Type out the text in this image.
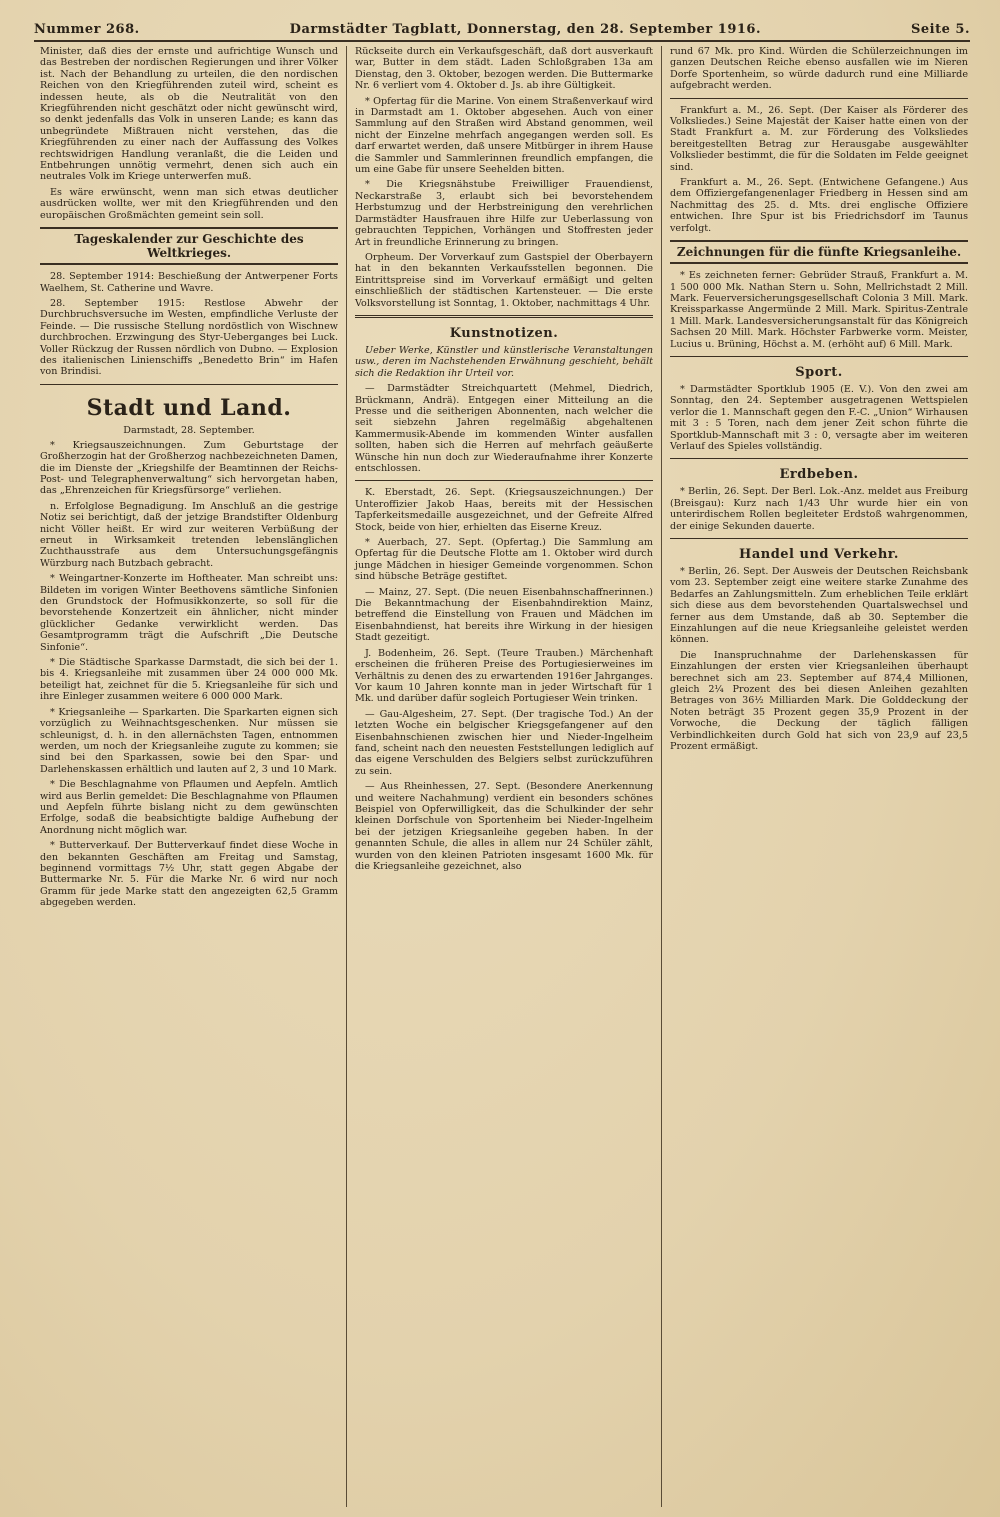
Nummer 268.	Darmstädter Tagblatt, Donnerstag, den 28. September 1916.	Seite 5.

Minister, daß dies der ernste und aufrichtige Wunsch und das Bestreben der nordischen Regierungen und ihrer Völker ist. Nach der Behandlung zu urteilen, die den nordischen Reichen von den Kriegführenden zuteil wird, scheint es indessen heute, als ob die Neutralität von den Kriegführenden nicht geschätzt oder nicht gewünscht wird, so denkt jedenfalls das Volk in unseren Lande; es kann das unbegründete Mißtrauen nicht verstehen, das die Kriegführenden zu einer nach der Auffassung des Volkes rechtswidrigen Handlung veranlaßt, die die Leiden und Entbehrungen unnötig vermehrt, denen sich auch ein neutrales Volk im Kriege unterwerfen muß.

Es wäre erwünscht, wenn man sich etwas deutlicher ausdrücken wollte, wer mit den Kriegführenden und den europäischen Großmächten gemeint sein soll.

Tageskalender zur Geschichte des Weltkrieges.

28. September 1914: Beschießung der Antwerpener Forts Waelhem, St. Catherine und Wavre.

28. September 1915: Restlose Abwehr der Durchbruchsversuche im Westen, empfindliche Verluste der Feinde. — Die russische Stellung nordöstlich von Wischnew durchbrochen. Erzwingung des Styr-Ueberganges bei Luck. Voller Rückzug der Russen nördlich von Dubno. — Explosion des italienischen Linienschiffs „Benedetto Brin“ im Hafen von Brindisi.

Stadt und Land.
Darmstadt, 28. September.

* Kriegsauszeichnungen. Zum Geburtstage der Großherzogin hat der Großherzog nachbezeichneten Damen, die im Dienste der „Kriegshilfe der Beamtinnen der Reichs-Post- und Telegraphenverwaltung“ sich hervorgetan haben, das „Ehrenzeichen für Kriegsfürsorge“ verliehen.

n. Erfolglose Begnadigung. Im Anschluß an die gestrige Notiz sei berichtigt, daß der jetzige Brandstifter Oldenburg nicht Völler heißt. Er wird zur weiteren Verbüßung der erneut in Wirksamkeit tretenden lebenslänglichen Zuchthausstrafe aus dem Untersuchungsgefängnis Würzburg nach Butzbach gebracht.

* Weingartner-Konzerte im Hoftheater. Man schreibt uns: Bildeten im vorigen Winter Beethovens sämtliche Sinfonien den Grundstock der Hofmusikkonzerte, so soll für die bevorstehende Konzertzeit ein ähnlicher, nicht minder glücklicher Gedanke verwirklicht werden. Das Gesamtprogramm trägt die Aufschrift „Die Deutsche Sinfonie“.

* Die Städtische Sparkasse Darmstadt, die sich bei der 1. bis 4. Kriegsanleihe mit zusammen über 24 000 000 Mk. beteiligt hat, zeichnet für die 5. Kriegsanleihe für sich und ihre Einleger zusammen weitere 6 000 000 Mark.

* Kriegsanleihe — Sparkarten. Die Sparkarten eignen sich vorzüglich zu Weihnachtsgeschenken. Nur müssen sie schleunigst, d. h. in den allernächsten Tagen, entnommen werden, um noch der Kriegsanleihe zugute zu kommen; sie sind bei den Sparkassen, sowie bei den Spar- und Darlehenskassen erhältlich und lauten auf 2, 3 und 10 Mark.

* Die Beschlagnahme von Pflaumen und Aepfeln. Amtlich wird aus Berlin gemeldet: Die Beschlagnahme von Pflaumen und Aepfeln führte bislang nicht zu dem gewünschten Erfolge, sodaß die beabsichtigte baldige Aufhebung der Anordnung nicht möglich war.

* Butterverkauf. Der Butterverkauf findet diese Woche in den bekannten Geschäften am Freitag und Samstag, beginnend vormittags 7½ Uhr, statt gegen Abgabe der Buttermarke Nr. 5. Für die Marke Nr. 6 wird nur noch Gramm für jede Marke statt den angezeigten 62,5 Gramm abgegeben werden.

Rückseite durch ein Verkaufsgeschäft, daß dort ausverkauft war, Butter in dem städt. Laden Schloßgraben 13a am Dienstag, den 3. Oktober, bezogen werden. Die Buttermarke Nr. 6 verliert vom 4. Oktober d. Js. ab ihre Gültigkeit.

* Opfertag für die Marine. Von einem Straßenverkauf wird in Darmstadt am 1. Oktober abgesehen. Auch von einer Sammlung auf den Straßen wird Abstand genommen, weil nicht der Einzelne mehrfach angegangen werden soll. Es darf erwartet werden, daß unsere Mitbürger in ihrem Hause die Sammler und Sammlerinnen freundlich empfangen, die um eine Gabe für unsere Seehelden bitten.

* Die Kriegsnähstube Freiwilliger Frauendienst, Neckarstraße 3, erlaubt sich bei bevorstehendem Herbstumzug und der Herbstreinigung den verehrlichen Darmstädter Hausfrauen ihre Hilfe zur Ueberlassung von gebrauchten Teppichen, Vorhängen und Stoffresten jeder Art in freundliche Erinnerung zu bringen.

Orpheum. Der Vorverkauf zum Gastspiel der Oberbayern hat in den bekannten Verkaufsstellen begonnen. Die Eintrittspreise sind im Vorverkauf ermäßigt und gelten einschließlich der städtischen Kartensteuer. — Die erste Volksvorstellung ist Sonntag, 1. Oktober, nachmittags 4 Uhr.

Kunstnotizen.

Ueber Werke, Künstler und künstlerische Veranstaltungen usw., deren im Nachstehenden Erwähnung geschieht, behält sich die Redaktion ihr Urteil vor.

— Darmstädter Streichquartett (Mehmel, Diedrich, Brückmann, Andrä). Entgegen einer Mitteilung an die Presse und die seitherigen Abonnenten, nach welcher die seit siebzehn Jahren regelmäßig abgehaltenen Kammermusik-Abende im kommenden Winter ausfallen sollten, haben sich die Herren auf mehrfach geäußerte Wünsche hin nun doch zur Wiederaufnahme ihrer Konzerte entschlossen.

K. Eberstadt, 26. Sept. (Kriegsauszeichnungen.) Der Unteroffizier Jakob Haas, bereits mit der Hessischen Tapferkeitsmedaille ausgezeichnet, und der Gefreite Alfred Stock, beide von hier, erhielten das Eiserne Kreuz.

* Auerbach, 27. Sept. (Opfertag.) Die Sammlung am Opfertag für die Deutsche Flotte am 1. Oktober wird durch junge Mädchen in hiesiger Gemeinde vorgenommen. Schon sind hübsche Beträge gestiftet.

— Mainz, 27. Sept. (Die neuen Eisenbahnschaffnerinnen.) Die Bekanntmachung der Eisenbahndirektion Mainz, betreffend die Einstellung von Frauen und Mädchen im Eisenbahndienst, hat bereits ihre Wirkung in der hiesigen Stadt gezeitigt.

J. Bodenheim, 26. Sept. (Teure Trauben.) Märchenhaft erscheinen die früheren Preise des Portugiesierweines im Verhältnis zu denen des zu erwartenden 1916er Jahrganges. Vor kaum 10 Jahren konnte man in jeder Wirtschaft für 1 Mk. und darüber dafür sogleich Portugieser Wein trinken.

— Gau-Algesheim, 27. Sept. (Der tragische Tod.) An der letzten Woche ein belgischer Kriegsgefangener auf den Eisenbahnschienen zwischen hier und Nieder-Ingelheim fand, scheint nach den neuesten Feststellungen lediglich auf das eigene Verschulden des Belgiers selbst zurückzuführen zu sein.

— Aus Rheinhessen, 27. Sept. (Besondere Anerkennung und weitere Nachahmung) verdient ein besonders schönes Beispiel von Opferwilligkeit, das die Schulkinder der sehr kleinen Dorfschule von Sportenheim bei Nieder-Ingelheim bei der jetzigen Kriegsanleihe gegeben haben. In der genannten Schule, die alles in allem nur 24 Schüler zählt, wurden von den kleinen Patrioten insgesamt 1600 Mk. für die Kriegsanleihe gezeichnet, also

rund 67 Mk. pro Kind. Würden die Schülerzeichnungen im ganzen Deutschen Reiche ebenso ausfallen wie im Nieren Dorfe Sportenheim, so würde dadurch rund eine Milliarde aufgebracht werden.

Frankfurt a. M., 26. Sept. (Der Kaiser als Förderer des Volksliedes.) Seine Majestät der Kaiser hatte einen von der Stadt Frankfurt a. M. zur Förderung des Volksliedes bereitgestellten Betrag zur Herausgabe ausgewählter Volkslieder bestimmt, die für die Soldaten im Felde geeignet sind.

Frankfurt a. M., 26. Sept. (Entwichene Gefangene.) Aus dem Offiziergefangenenlager Friedberg in Hessen sind am Nachmittag des 25. d. Mts. drei englische Offiziere entwichen. Ihre Spur ist bis Friedrichsdorf im Taunus verfolgt.

Zeichnungen für die fünfte Kriegsanleihe.

* Es zeichneten ferner: Gebrüder Strauß, Frankfurt a. M. 1 500 000 Mk. Nathan Stern u. Sohn, Mellrichstadt 2 Mill. Mark. Feuerversicherungsgesellschaft Colonia 3 Mill. Mark. Kreissparkasse Angermünde 2 Mill. Mark. Spiritus-Zentrale 1 Mill. Mark. Landesversicherungsanstalt für das Königreich Sachsen 20 Mill. Mark. Höchster Farbwerke vorm. Meister, Lucius u. Brüning, Höchst a. M. (erhöht auf) 6 Mill. Mark.

Sport.

* Darmstädter Sportklub 1905 (E. V.). Von den zwei am Sonntag, den 24. September ausgetragenen Wettspielen verlor die 1. Mannschaft gegen den F.-C. „Union“ Wirhausen mit 3 : 5 Toren, nach dem jener Zeit schon führte die Sportklub-Mannschaft mit 3 : 0, versagte aber im weiteren Verlauf des Spieles vollständig.

Erdbeben.

* Berlin, 26. Sept. Der Berl. Lok.-Anz. meldet aus Freiburg (Breisgau): Kurz nach 1/43 Uhr wurde hier ein von unterirdischem Rollen begleiteter Erdstoß wahrgenommen, der einige Sekunden dauerte.

Handel und Verkehr.

* Berlin, 26. Sept. Der Ausweis der Deutschen Reichsbank vom 23. September zeigt eine weitere starke Zunahme des Bedarfes an Zahlungsmitteln. Zum erheblichen Teile erklärt sich diese aus dem bevorstehenden Quartalswechsel und ferner aus dem Umstande, daß ab 30. September die Einzahlungen auf die neue Kriegsanleihe geleistet werden können.

Die Inanspruchnahme der Darlehenskassen für Einzahlungen der ersten vier Kriegsanleihen überhaupt berechnet sich am 23. September auf 874,4 Millionen, gleich 2¼ Prozent des bei diesen Anleihen gezahlten Betrages von 36½ Milliarden Mark. Die Golddeckung der Noten beträgt 35 Prozent gegen 35,9 Prozent in der Vorwoche, die Deckung der täglich fälligen Verbindlichkeiten durch Gold hat sich von 23,9 auf 23,5 Prozent ermäßigt.
